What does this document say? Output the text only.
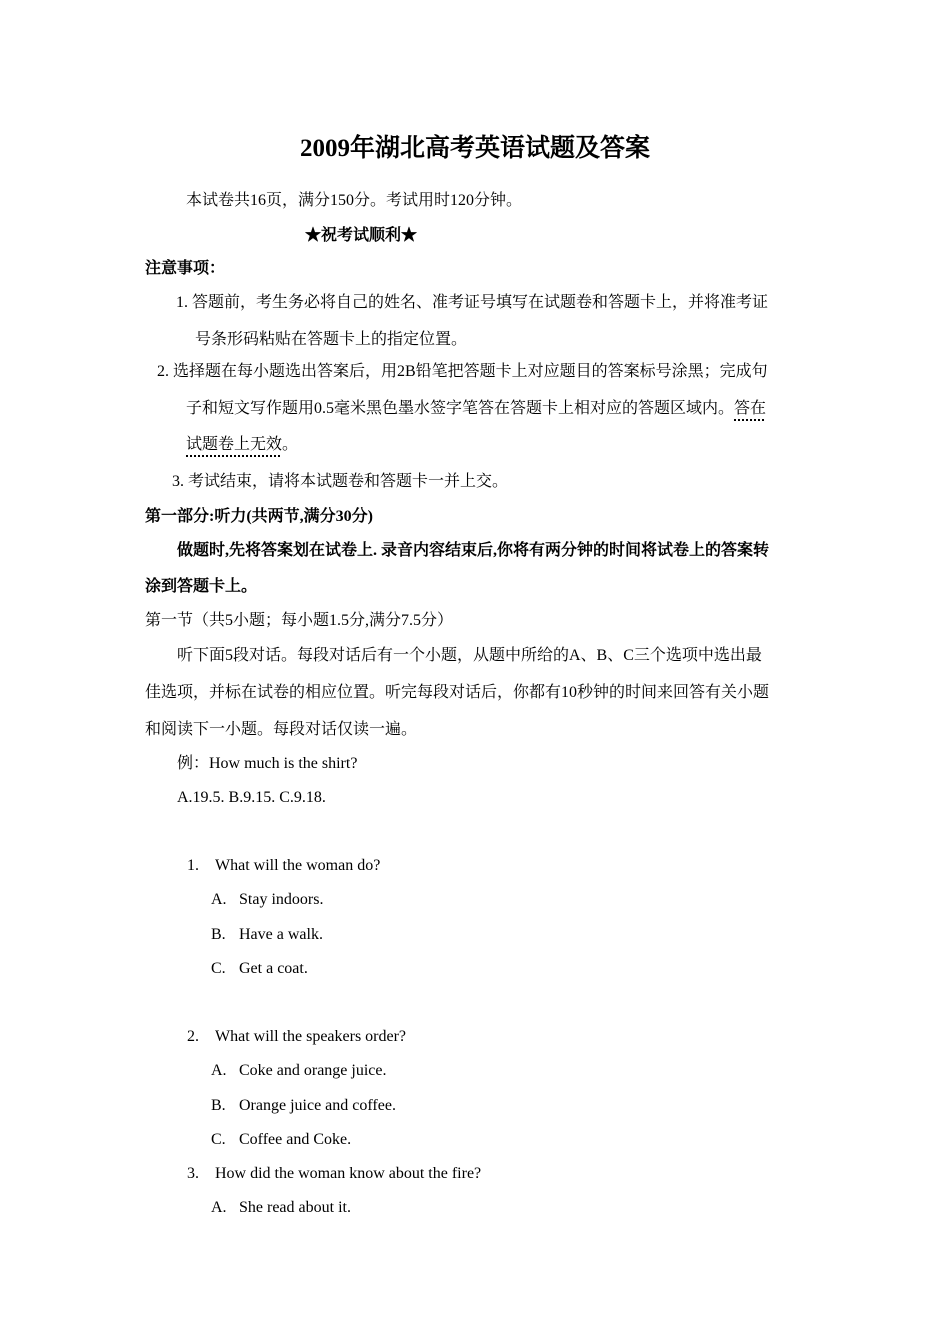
2009年湖北高考英语试题及答案
本试卷共16页，满分150分。考试用时120分钟。
★祝考试顺利★
注意事项：
1. 答题前，考生务必将自己的姓名、准考证号填写在试题卷和答题卡上，并将准考证
号条形码粘贴在答题卡上的指定位置。
2. 选择题在每小题选出答案后，用2B铅笔把答题卡上对应题目的答案标号涂黑；完成句
子和短文写作题用0.5毫米黑色墨水签字笔答在答题卡上相对应的答题区域内。答在
试题卷上无效。
3. 考试结束，请将本试题卷和答题卡一并上交。
第一部分:听力(共两节,满分30分)
做题时,先将答案划在试卷上. 录音内容结束后,你将有两分钟的时间将试卷上的答案转
涂到答题卡上。
第一节（共5小题；每小题1.5分,满分7.5分）
听下面5段对话。每段对话后有一个小题，从题中所给的A、B、C三个选项中选出最
佳选项，并标在试卷的相应位置。听完每段对话后，你都有10秒钟的时间来回答有关小题
和阅读下一小题。每段对话仅读一遍。
例：How much is the shirt?
A.19.5. B.9.15. C.9.18.
1. What will the woman do?
A. Stay indoors.
B. Have a walk.
C. Get a coat.
2. What will the speakers order?
A. Coke and orange juice.
B. Orange juice and coffee.
C. Coffee and Coke.
3. How did the woman know about the fire?
A. She read about it.
